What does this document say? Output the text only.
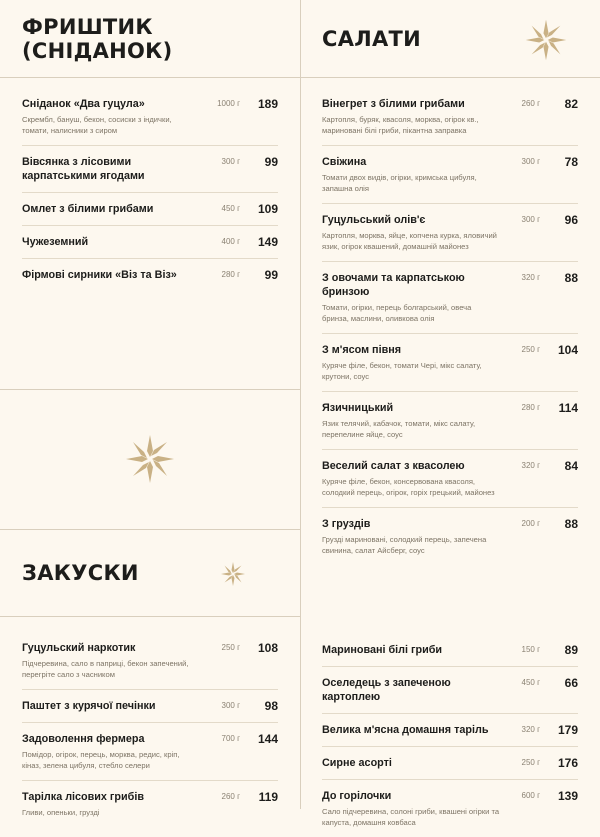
ФРИШТИК (СНІДАНОК)
Сніданок «Два гуцула»
Скрембл, бануш, бекон, сосиски з індички, томати, налисники з сиром
1000 г	189
Вівсянка з лісовими карпатськими ягодами
300 г	99
Омлет з білими грибами	450 г	109
Чужеземний	400 г	149
Фірмові сирники «Віз та Віз»	280 г	99
ЗАКУСКИ
Гуцульский наркотик
Підчеревина, сало в паприці, бекон запечений, перегріте сало з часником
250 г	108
Паштет з курячої печінки	300 г	98
Задоволення фермера
Помідор, огірок, перець, морква, редис, кріп, кіназ, зелена цибуля, стебло селери
700 г	144
Тарілка лісових грибів
Гливи, опеньки, грузді
260 г	119
САЛАТИ
Вінегрет з білими грибами
Картопля, буряк, квасоля, морква, огірок кв., мариновані білі гриби, пікантна заправка
260 г	82
Свіжина
Томати двох видів, огірки, кримська цибуля, запашна олія
300 г	78
Гуцульський олів'є
Картопля, морква, яйце, копчена курка, яловичий язик, огірок квашений, домашній майонез
300 г	96
З овочами та карпатською бринзою
Томати, огірки, перець болгарський, овеча бринза, маслини, оливкова олія
320 г	88
З м'ясом півня
Куряче філе, бекон, томати Чері, мікс салату, крутони, соус
250 г	104
Язичницький
Язик телячий, кабачок, томати, мікс салату, перепелине яйце, соус
280 г	114
Веселий салат з квасолею
Куряче філе, бекон, консервована квасоля, солодкий перець, огірок, горіх грецький, майонез
320 г	84
З груздів
Грузді мариновані, солодкий перець, запечена свинина, салат Айсберг, соус
200 г	88
Мариновані білі гриби	150 г	89
Оселедець з запеченою картоплею
450 г	66
Велика м'ясна домашня таріль	320 г	179
Сирне асорті	250 г	176
До горілочки
Сало підчеревина, солоні гриби, квашені огірки та капуста, домашня ковбаса
600 г	139
